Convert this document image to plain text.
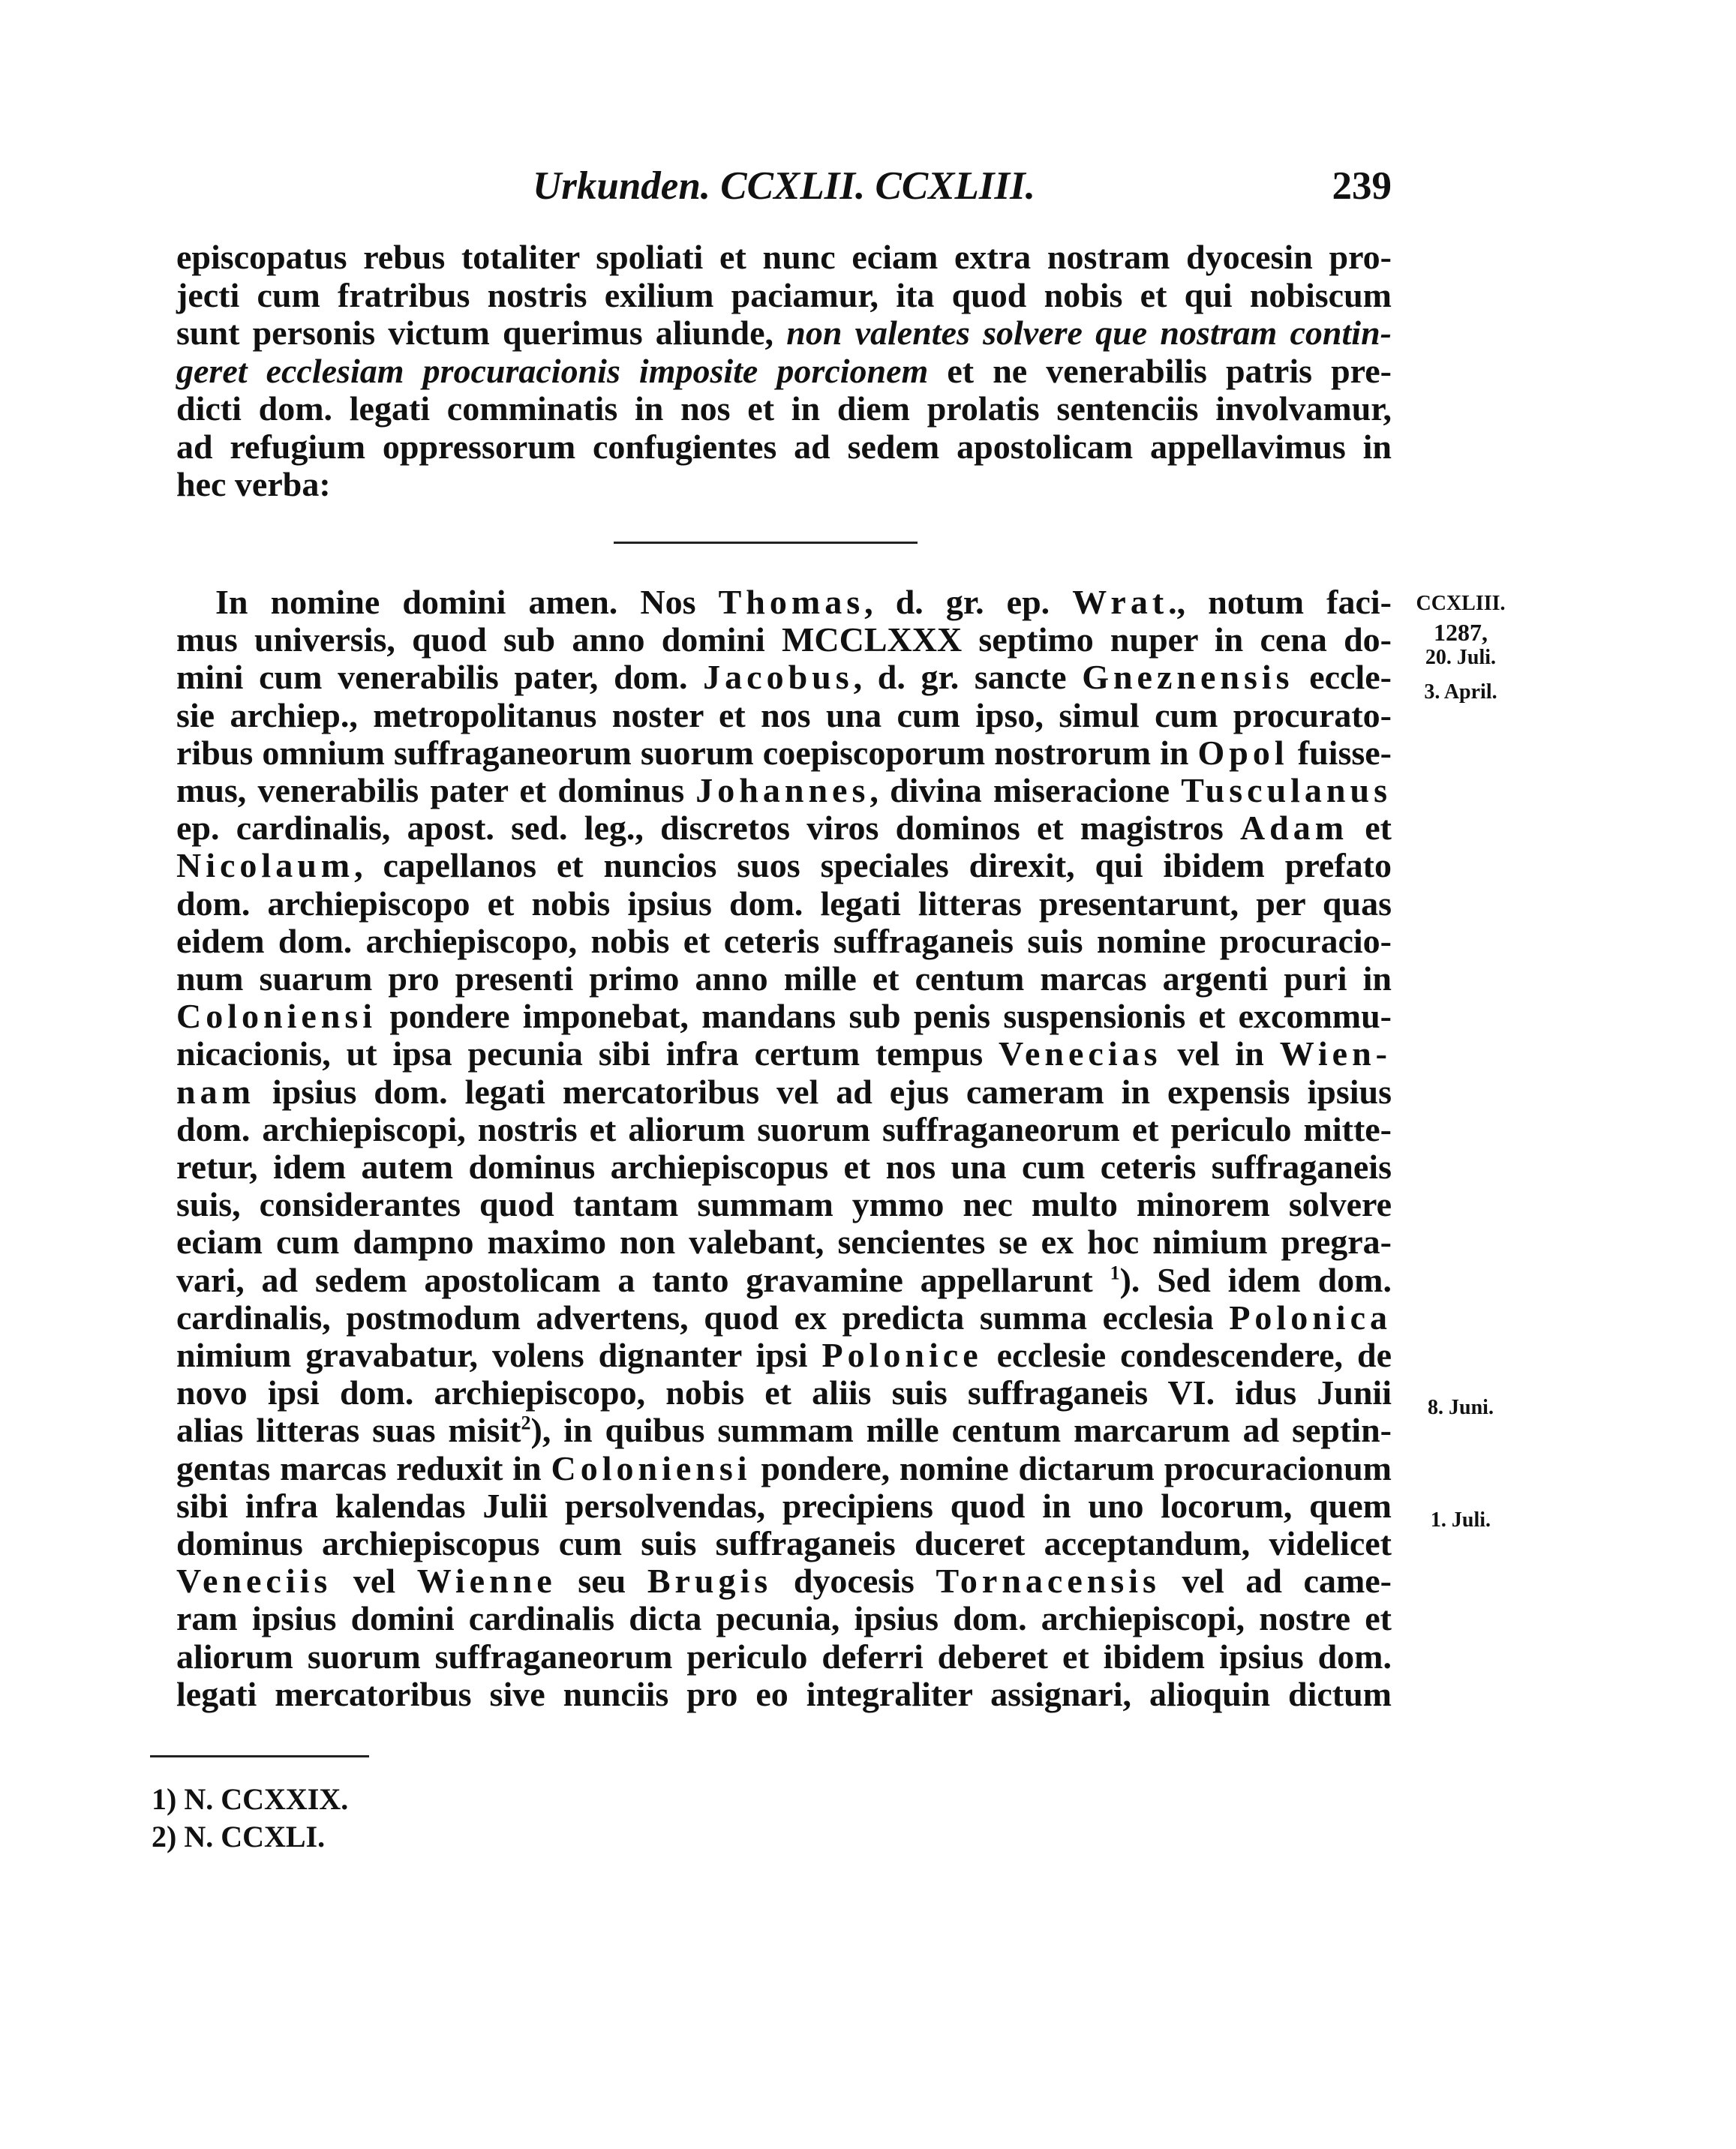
Urkunden. CCXLII. CCXLIII.	239
episcopatus rebus totaliter spoliati et nunc eciam extra nostram dyocesin pro-
jecti cum fratribus nostris exilium paciamur, ita quod nobis et qui nobiscum
sunt personis victum querimus aliunde, non valentes solvere que nostram contin-
geret ecclesiam procuracionis imposite porcionem et ne venerabilis patris pre-
dicti dom. legati comminatis in nos et in diem prolatis sentenciis involvamur,
ad refugium oppressorum confugientes ad sedem apostolicam appellavimus in
hec verba:
In nomine domini amen. Nos Thomas, d. gr. ep. Wrat., notum faci-
mus universis, quod sub anno domini MCCLXXX septimo nuper in cena do-
mini cum venerabilis pater, dom. Jacobus, d. gr. sancte Gneznensis eccle-
sie archiep., metropolitanus noster et nos una cum ipso, simul cum procurato-
ribus omnium suffraganeorum suorum coepiscoporum nostrorum in Opol fuisse-
mus, venerabilis pater et dominus Johannes, divina miseracione Tusculanus
ep. cardinalis, apost. sed. leg., discretos viros dominos et magistros Adam et
Nicolaum, capellanos et nuncios suos speciales direxit, qui ibidem prefato
dom. archiepiscopo et nobis ipsius dom. legati litteras presentarunt, per quas
eidem dom. archiepiscopo, nobis et ceteris suffraganeis suis nomine procuracio-
num suarum pro presenti primo anno mille et centum marcas argenti puri in
Coloniensi pondere imponebat, mandans sub penis suspensionis et excommu-
nicacionis, ut ipsa pecunia sibi infra certum tempus Venecias vel in Wien-
nam ipsius dom. legati mercatoribus vel ad ejus cameram in expensis ipsius
dom. archiepiscopi, nostris et aliorum suorum suffraganeorum et periculo mitte-
retur, idem autem dominus archiepiscopus et nos una cum ceteris suffraganeis
suis, considerantes quod tantam summam ymmo nec multo minorem solvere
eciam cum dampno maximo non valebant, sencientes se ex hoc nimium pregra-
vari, ad sedem apostolicam a tanto gravamine appellarunt $^1$). Sed idem dom.
cardinalis, postmodum advertens, quod ex predicta summa ecclesia Polonica
nimium gravabatur, volens dignanter ipsi Polonice ecclesie condescendere, de
novo ipsi dom. archiepiscopo, nobis et aliis suis suffraganeis VI. idus Junii
alias litteras suas misit$^2$), in quibus summam mille centum marcarum ad septin-
gentas marcas reduxit in Coloniensi pondere, nomine dictarum procuracionum
sibi infra kalendas Julii persolvendas, precipiens quod in uno locorum, quem
dominus archiepiscopus cum suis suffraganeis duceret acceptandum, videlicet
Veneciis vel Wienne seu Brugis dyocesis Tornacensis vel ad came-
ram ipsius domini cardinalis dicta pecunia, ipsius dom. archiepiscopi, nostre et
aliorum suorum suffraganeorum periculo deferri deberet et ibidem ipsius dom.
legati mercatoribus sive nunciis pro eo integraliter assignari, alioquin dictum
CCXLIII.
1287,
20. Juli.
3. April.
8. Juni.
1. Juli.
1) N. CCXXIX.
2) N. CCXLI.
